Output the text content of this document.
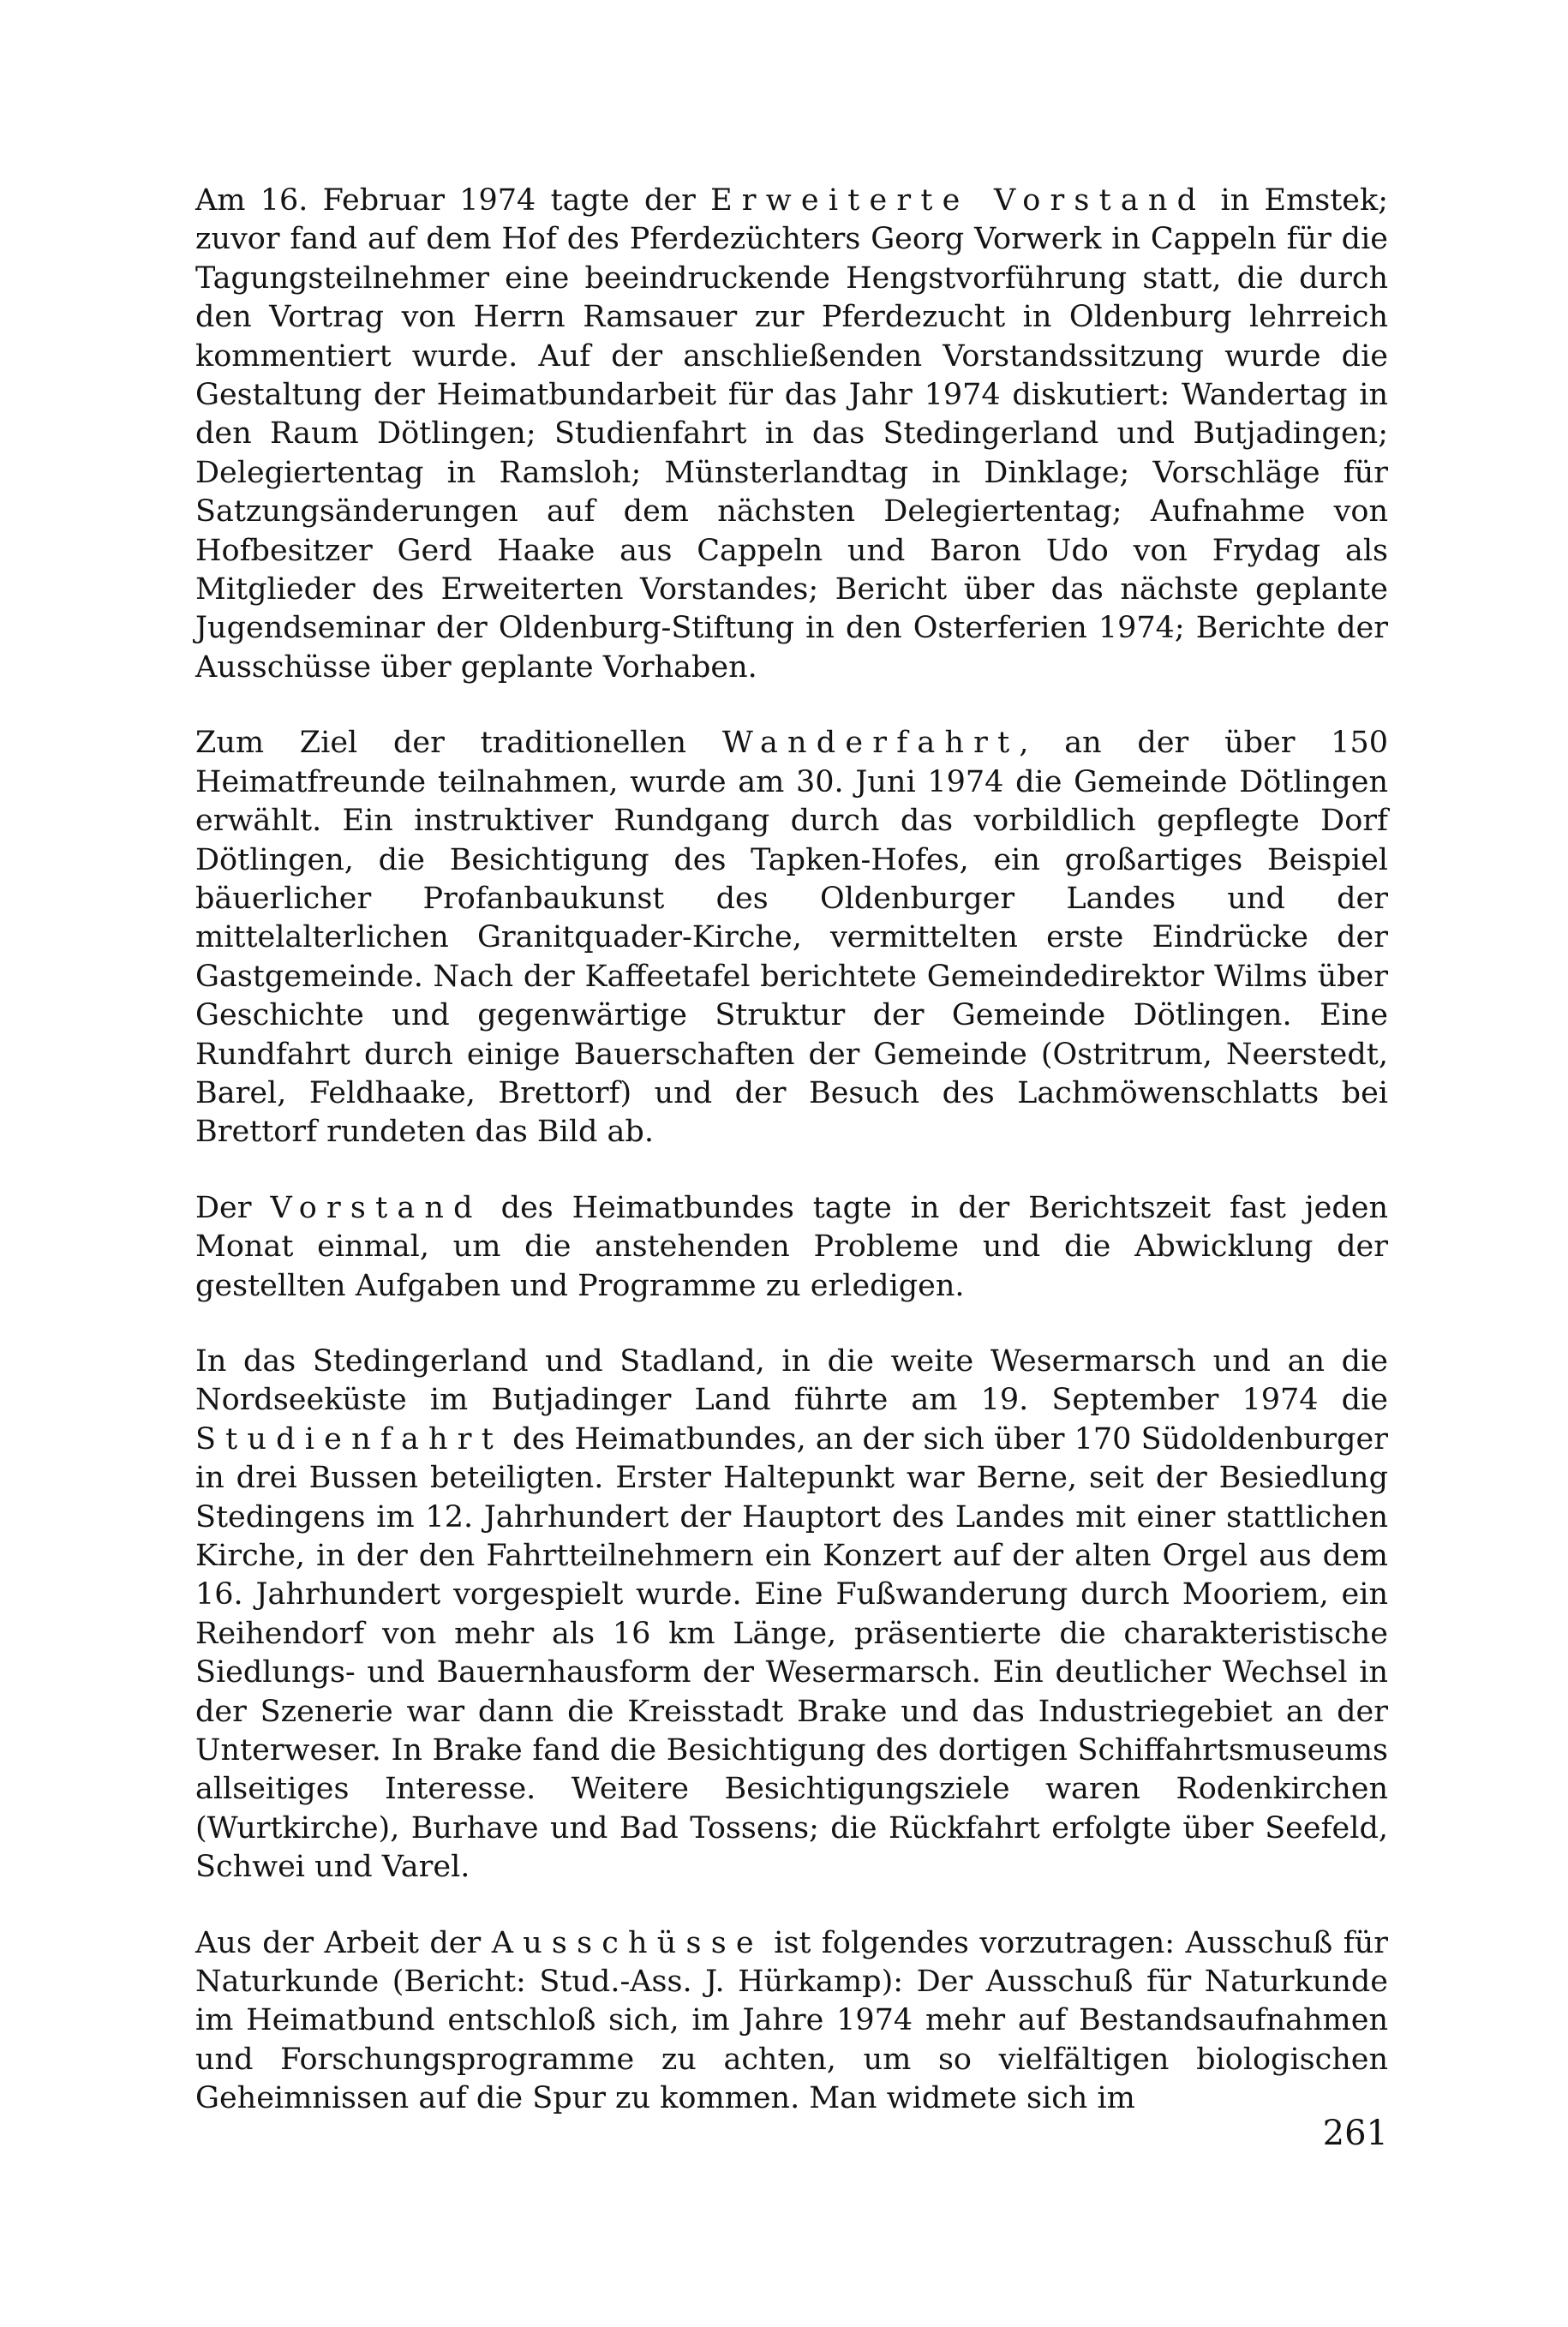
Am 16. Februar 1974 tagte der Erweiterte Vorstand in Emstek; zuvor fand auf dem Hof des Pferdezüchters Georg Vorwerk in Cappeln für die Tagungsteilnehmer eine beeindruckende Hengstvorführung statt, die durch den Vortrag von Herrn Ramsauer zur Pferdezucht in Oldenburg lehrreich kommentiert wurde. Auf der anschließenden Vorstandssitzung wurde die Gestaltung der Heimatbundarbeit für das Jahr 1974 diskutiert: Wandertag in den Raum Dötlingen; Studienfahrt in das Stedingerland und Butjadingen; Delegiertentag in Ramsloh; Münsterlandtag in Dinklage; Vorschläge für Satzungsänderungen auf dem nächsten Delegiertentag; Aufnahme von Hofbesitzer Gerd Haake aus Cappeln und Baron Udo von Frydag als Mitglieder des Erweiterten Vorstandes; Bericht über das nächste geplante Jugendseminar der Oldenburg-Stiftung in den Osterferien 1974; Berichte der Ausschüsse über geplante Vorhaben.

Zum Ziel der traditionellen Wanderfahrt, an der über 150 Heimatfreunde teilnahmen, wurde am 30. Juni 1974 die Gemeinde Dötlingen erwählt. Ein instruktiver Rundgang durch das vorbildlich gepflegte Dorf Dötlingen, die Besichtigung des Tapken-Hofes, ein großartiges Beispiel bäuerlicher Profanbaukunst des Oldenburger Landes und der mittelalterlichen Granitquader-Kirche, vermittelten erste Eindrücke der Gastgemeinde. Nach der Kaffeetafel berichtete Gemeindedirektor Wilms über Geschichte und gegenwärtige Struktur der Gemeinde Dötlingen. Eine Rundfahrt durch einige Bauerschaften der Gemeinde (Ostritrum, Neerstedt, Barel, Feldhaake, Brettorf) und der Besuch des Lachmöwenschlatts bei Brettorf rundeten das Bild ab.

Der Vorstand des Heimatbundes tagte in der Berichtszeit fast jeden Monat einmal, um die anstehenden Probleme und die Abwicklung der gestellten Aufgaben und Programme zu erledigen.

In das Stedingerland und Stadland, in die weite Wesermarsch und an die Nordseeküste im Butjadinger Land führte am 19. September 1974 die Studienfahrt des Heimatbundes, an der sich über 170 Südoldenburger in drei Bussen beteiligten. Erster Haltepunkt war Berne, seit der Besiedlung Stedingens im 12. Jahrhundert der Hauptort des Landes mit einer stattlichen Kirche, in der den Fahrtteilnehmern ein Konzert auf der alten Orgel aus dem 16. Jahrhundert vorgespielt wurde. Eine Fußwanderung durch Mooriem, ein Reihendorf von mehr als 16 km Länge, präsentierte die charakteristische Siedlungs- und Bauernhausform der Wesermarsch. Ein deutlicher Wechsel in der Szenerie war dann die Kreisstadt Brake und das Industriegebiet an der Unterweser. In Brake fand die Besichtigung des dortigen Schiffahrtsmuseums allseitiges Interesse. Weitere Besichtigungsziele waren Rodenkirchen (Wurtkirche), Burhave und Bad Tossens; die Rückfahrt erfolgte über Seefeld, Schwei und Varel.

Aus der Arbeit der Ausschüsse ist folgendes vorzutragen: Ausschuß für Naturkunde (Bericht: Stud.-Ass. J. Hürkamp): Der Ausschuß für Naturkunde im Heimatbund entschloß sich, im Jahre 1974 mehr auf Bestandsaufnahmen und Forschungsprogramme zu achten, um so vielfältigen biologischen Geheimnissen auf die Spur zu kommen. Man widmete sich im

261
